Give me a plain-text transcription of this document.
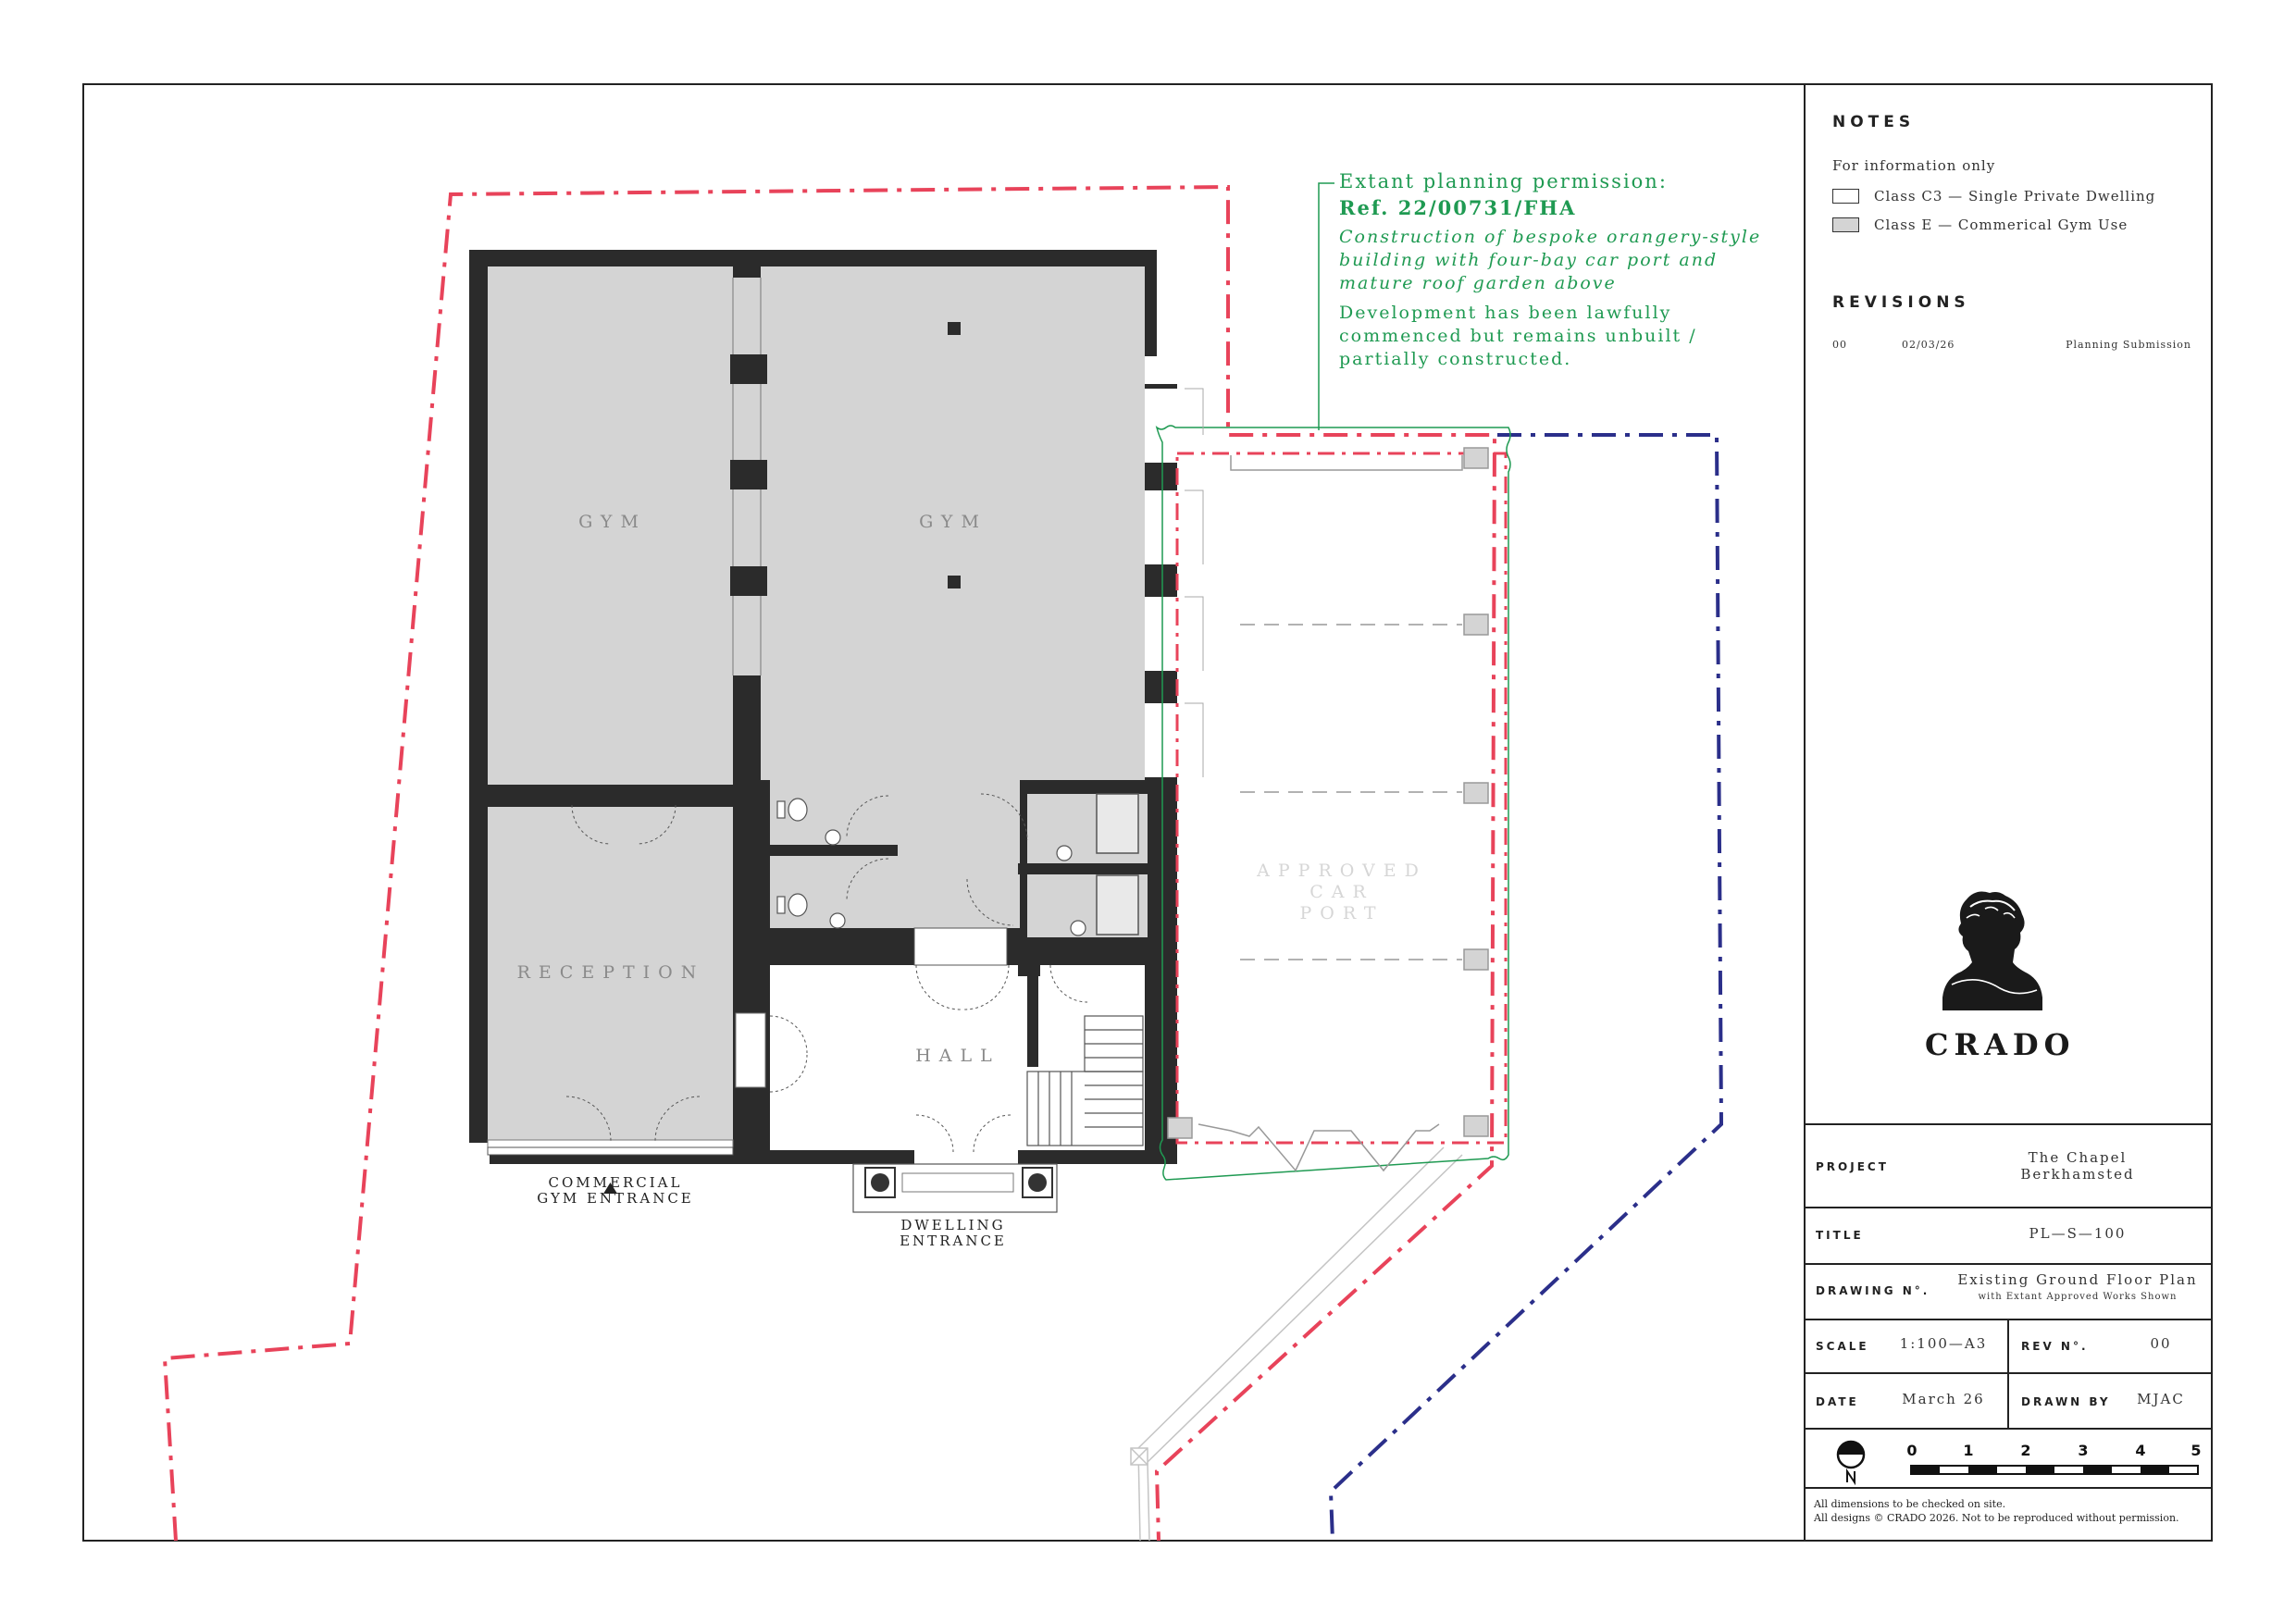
Extant planning permission:
Ref. 22/00731/FHA
Construction of bespoke orangery-style building with four-bay car port and mature roof garden above
Development has been lawfully commenced but remains unbuilt / partially constructed.
GYM	GYM
RECEPTION
HALL
APPROVED
CAR
PORT
COMMERCIAL
GYM ENTRANCE
DWELLING
ENTRANCE
NOTES
For information only
Class C3 — Single Private Dwelling
Class E — Commerical Gym Use
REVISIONS
00	02/03/26	Planning Submission
CRADO
PROJECT
The Chapel
Berkhamsted
TITLE	PL—S—100
DRAWING N°.
Existing Ground Floor Plan
with Extant Approved Works Shown
SCALE	1:100—A3	REV N°.	00
DATE	March 26	DRAWN BY	MJAC
0	1	2	3	4	5
All dimensions to be checked on site.
All designs © CRADO 2026. Not to be reproduced without permission.
